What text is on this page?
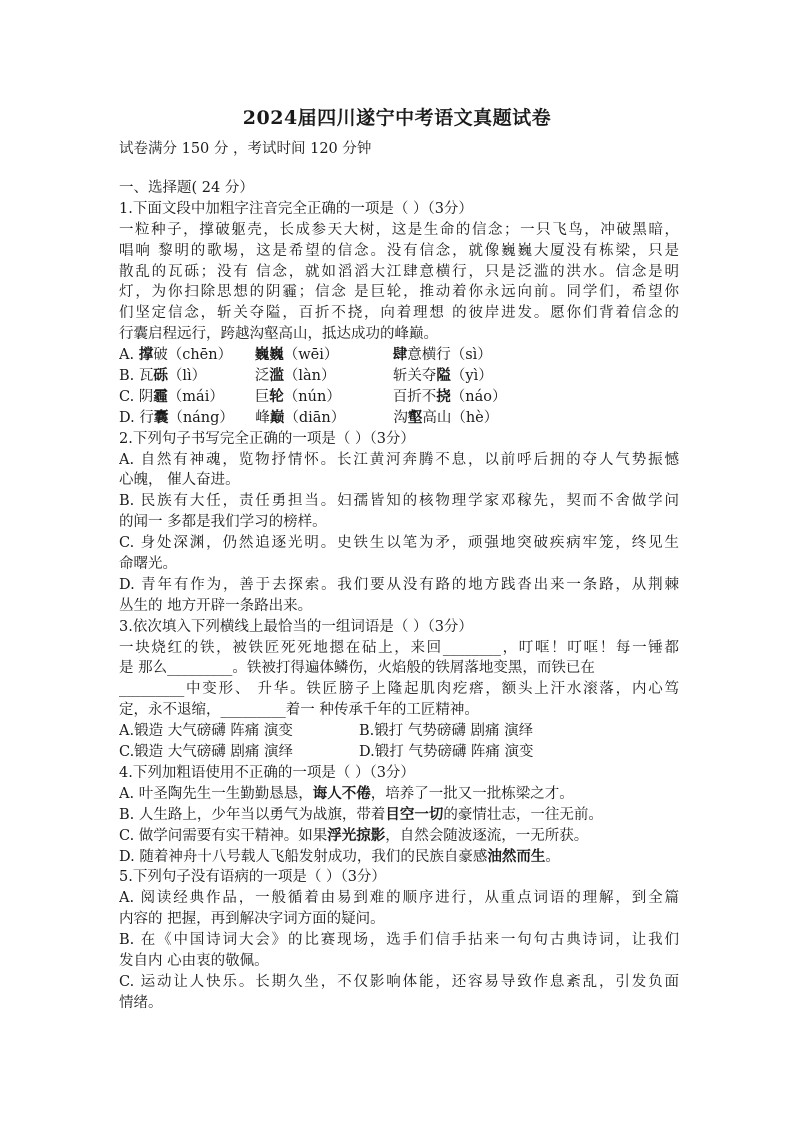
2024届四川遂宁中考语文真题试卷
试卷满分 150 分 ，考试时间 120 分钟
一、选择题( 24 分）
1.下面文段中加粗字注音完全正确的一项是（ ）（3分）
一粒种子，撑破躯壳，长成参天大树，这是生命的信念；一只飞鸟，冲破黑暗，
唱响 黎明的歌埸，这是希望的信念。没有信念，就像巍巍大厦没有栋梁，只是
散乱的瓦砾；没有 信念，就如滔滔大江肆意横行，只是泛滥的洪水。信念是明
灯，为你扫除思想的阴霾；信念 是巨轮，推动着你永远向前。同学们，希望你
们坚定信念，斩关夺隘，百折不挠，向着理想 的彼岸进发。愿你们背着信念的
行囊启程远行，跨越沟壑高山，抵达成功的峰巅。
A. 撑破（chēn） 巍巍（wēi）	肆意横行（sì）
B. 瓦砾（lì）	泛滥（làn）	斩关夺隘（yì）
C. 阴霾（mái） 巨轮（nún）	百折不挠（náo）
D. 行囊（náng） 峰巅（diān）	沟壑高山（hè）
2.下列句子书写完全正确的一项是（ ）（3分）
A. 自然有神魂，览物抒情怀。长江黄河奔腾不息，以前呼后拥的夺人气势振憾
心魄， 催人奋进。
B. 民族有大任，责任勇担当。妇孺皆知的核物理学家邓稼先，契而不舍做学问
的闻一 多都是我们学习的榜样。
C. 身处深渊，仍然追逐光明。史铁生以笔为矛，顽强地突破疾病牢笼，终见生
命曙光。
D. 青年有作为，善于去探索。我们要从没有路的地方践沓出来一条路，从荆棘
丛生的 地方开辟一条路出来。
3.依次填入下列横线上最恰当的一组词语是（ ）（3分）
一块烧红的铁，被铁匠死死地摁在砧上，来回________，叮哐！叮哐！每一锤都
是 那么_________。铁被打得遍体鳞伤，火焰般的铁屑落地变黑，而铁已在
_________中变形、 升华。铁匠膀子上隆起肌肉疙瘩，额头上汗水滚落，内心笃
定，永不退缩，_________着一 种传承千年的工匠精神。
A.锻造 大气磅礴 阵痛 演变	B.锻打 气势磅礴 剧痛 演绎
C.锻造 大气磅礴 剧痛 演绎	D.锻打 气势磅礴 阵痛 演变
4.下列加粗语使用不正确的一项是（ ）（3分）
A. 叶圣陶先生一生勤勤恳恳，诲人不倦，培养了一批又一批栋梁之才。
B. 人生路上，少年当以勇气为战旗，带着目空一切的豪情壮志，一往无前。
C. 做学问需要有实干精神。如果浮光掠影，自然会随波逐流，一无所获。
D. 随着神舟十八号载人飞船发射成功，我们的民族自豪感油然而生。
5.下列句子没有语病的一项是（ ）（3分）
A. 阅读经典作品，一般循着由易到难的顺序进行，从重点词语的理解，到全篇
内容的 把握，再到解决字词方面的疑问。
B. 在《中国诗词大会》的比赛现场，选手们信手拈来一句句古典诗词，让我们
发自内 心由衷的敬佩。
C. 运动让人快乐。长期久坐，不仅影响体能，还容易导致作息紊乱，引发负面
情绪。
